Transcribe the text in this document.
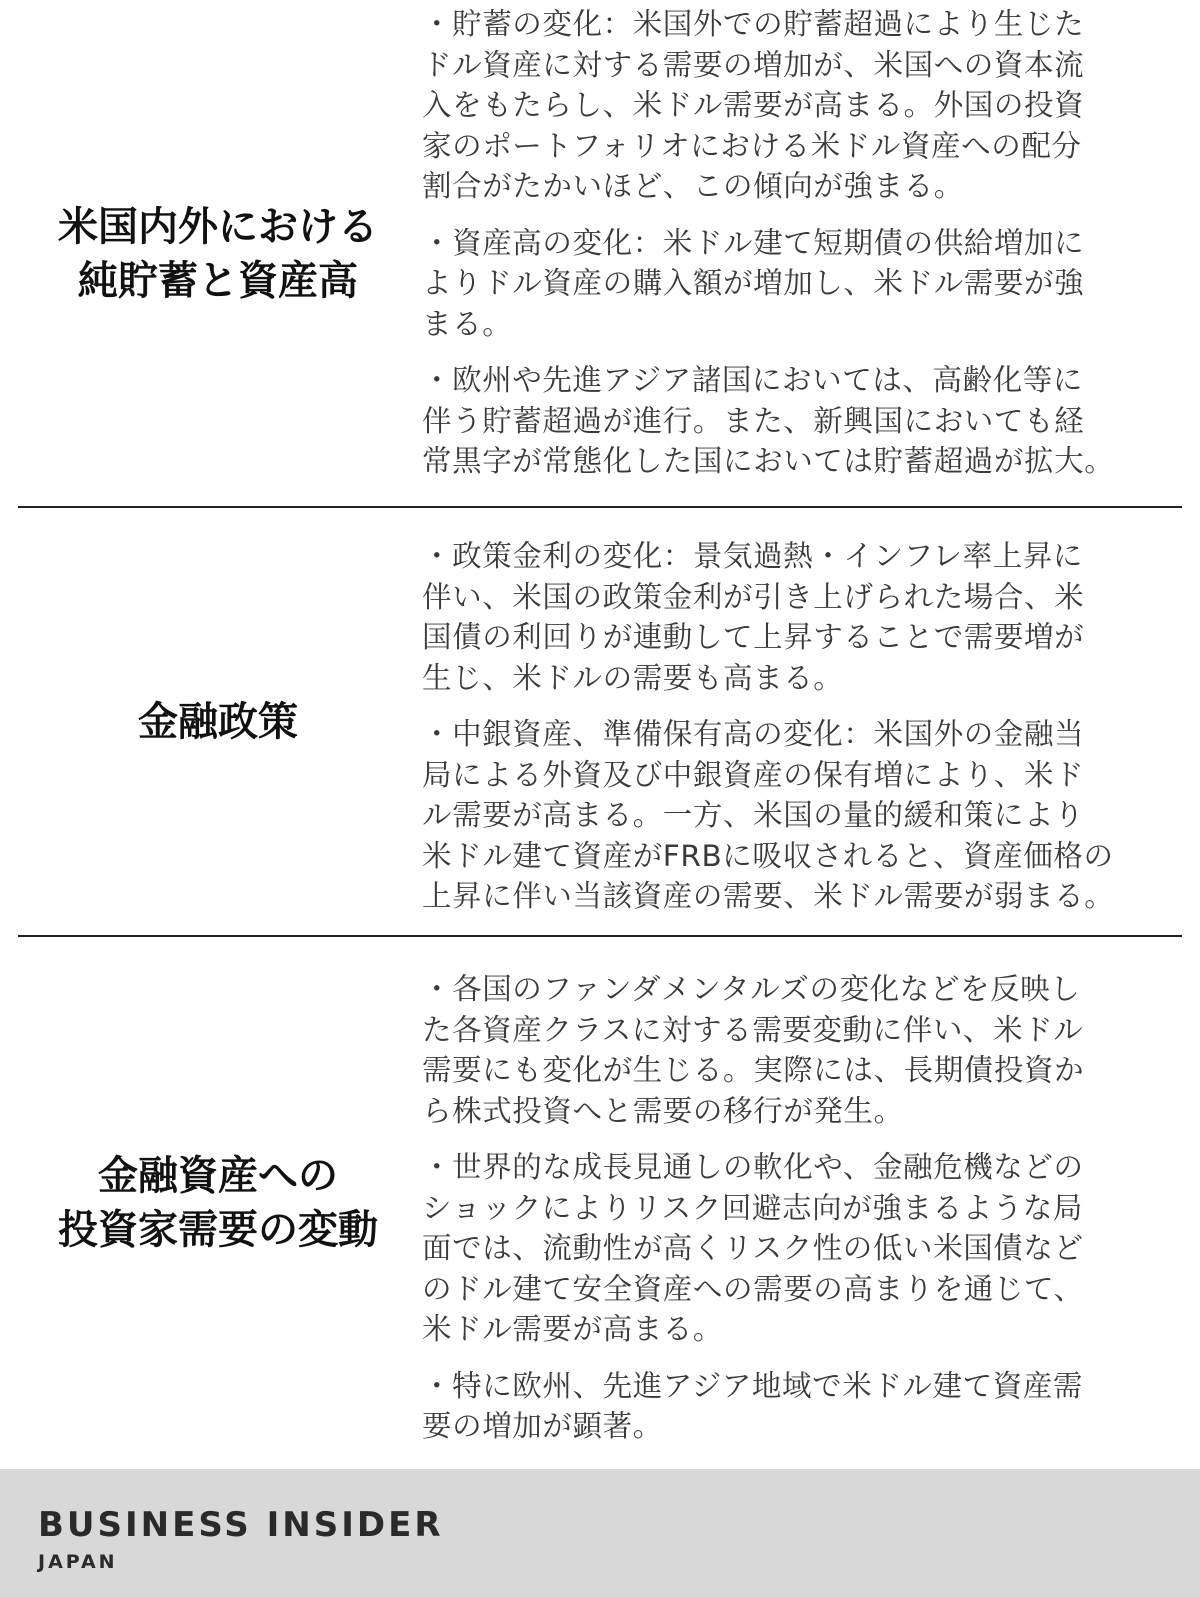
米国内外における
純貯蓄と資産高

・貯蓄の変化：米国外での貯蓄超過により生じた
ドル資産に対する需要の増加が、米国への資本流
入をもたらし、米ドル需要が高まる。外国の投資
家のポートフォリオにおける米ドル資産への配分
割合がたかいほど、この傾向が強まる。

・資産高の変化：米ドル建て短期債の供給増加に
よりドル資産の購入額が増加し、米ドル需要が強
まる。

・欧州や先進アジア諸国においては、高齢化等に
伴う貯蓄超過が進行。また、新興国においても経
常黒字が常態化した国においては貯蓄超過が拡大。

金融政策

・政策金利の変化：景気過熱・インフレ率上昇に
伴い、米国の政策金利が引き上げられた場合、米
国債の利回りが連動して上昇することで需要増が
生じ、米ドルの需要も高まる。

・中銀資産、準備保有高の変化：米国外の金融当
局による外資及び中銀資産の保有増により、米ド
ル需要が高まる。一方、米国の量的緩和策により
米ドル建て資産がFRBに吸収されると、資産価格の
上昇に伴い当該資産の需要、米ドル需要が弱まる。

金融資産への
投資家需要の変動

・各国のファンダメンタルズの変化などを反映し
た各資産クラスに対する需要変動に伴い、米ドル
需要にも変化が生じる。実際には、長期債投資か
ら株式投資へと需要の移行が発生。

・世界的な成長見通しの軟化や、金融危機などの
ショックによりリスク回避志向が強まるような局
面では、流動性が高くリスク性の低い米国債など
のドル建て安全資産への需要の高まりを通じて、
米ドル需要が高まる。

・特に欧州、先進アジア地域で米ドル建て資産需
要の増加が顕著。

BUSINESS INSIDER
JAPAN
